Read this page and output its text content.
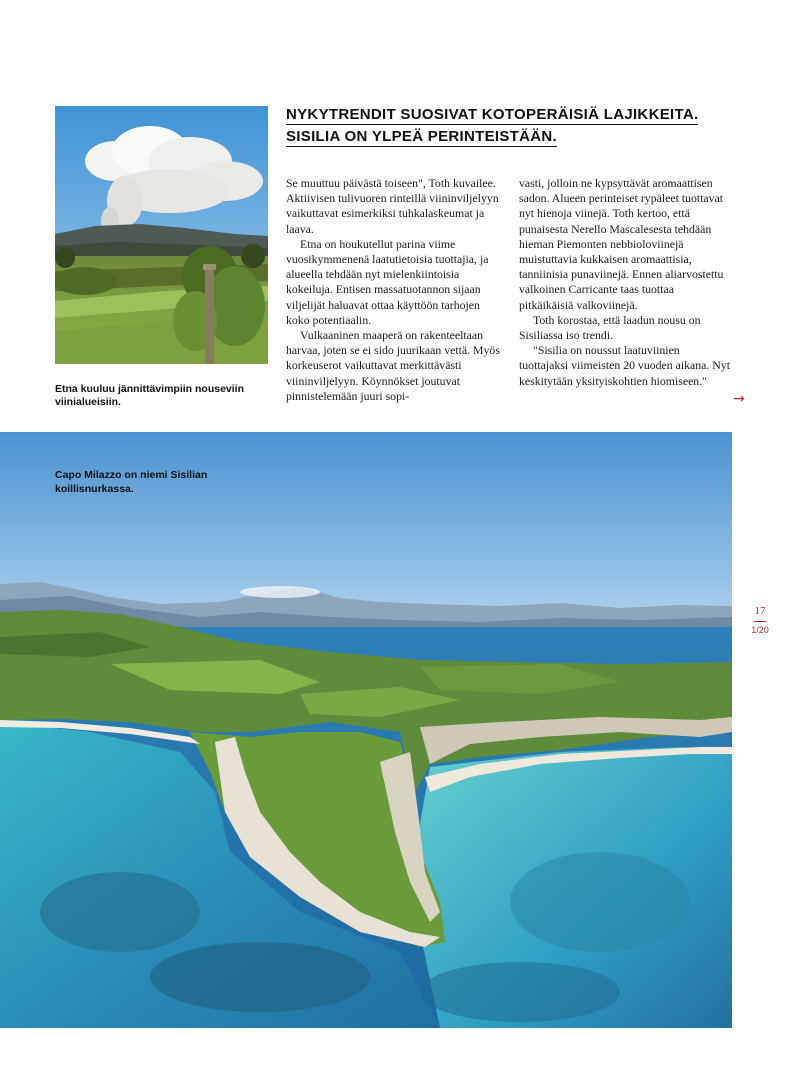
Etna kuuluu jännittävimpiin nouseviin viinialueisiin.
NYKYTRENDIT SUOSIVAT KOTOPERÄISIÄ LAJIKKEITA.
SISILIA ON YLPEÄ PERINTEISTÄÄN.

Se muuttuu päivästä toiseen", Toth kuvailee. Aktiivisen tulivuoren rinteillä viininviljelyyn vaikuttavat esimerkiksi tuhkalaskeumat ja laava.

Etna on houkutellut parina viime vuosikymmenenä laatutietoisia tuottajia, ja alueella tehdään nyt mielenkiintoisia kokeiluja. Entisen massatuotannon sijaan viljelijät haluavat ottaa käyttöön tarhojen koko potentiaalin.

Vulkaaninen maaperä on rakenteeltaan harvaa, joten se ei sido juurikaan vettä. Myös korkeuserot vaikuttavat merkittävästi viininviljelyyn. Köynnökset joutuvat pinnistelemään juuri sopi-

vasti, jolloin ne kypsyttävät aromaattisen sadon. Alueen perinteiset rypäleet tuottavat nyt hienoja viinejä. Toth kertoo, että punaisesta Nerello Mascalesesta tehdään hieman Piemonten nebbioloviinejä muistuttavia kukkaisen aromaattisia, tanniinisia punaviinejä. Ennen aliarvostettu valkoinen Carricante taas tuottaa pitkäikäisiä valkoviinejä.

Toth korostaa, että laadun nousu on Sisiliassa iso trendi.

"Sisilia on noussut laatuviinien tuottajaksi viimeisten 20 vuoden aikana. Nyt keskitytään yksityiskohtien hiomiseen."

→
Capo Milazzo on niemi Sisilian koillisnurkassa.
17
1/20
